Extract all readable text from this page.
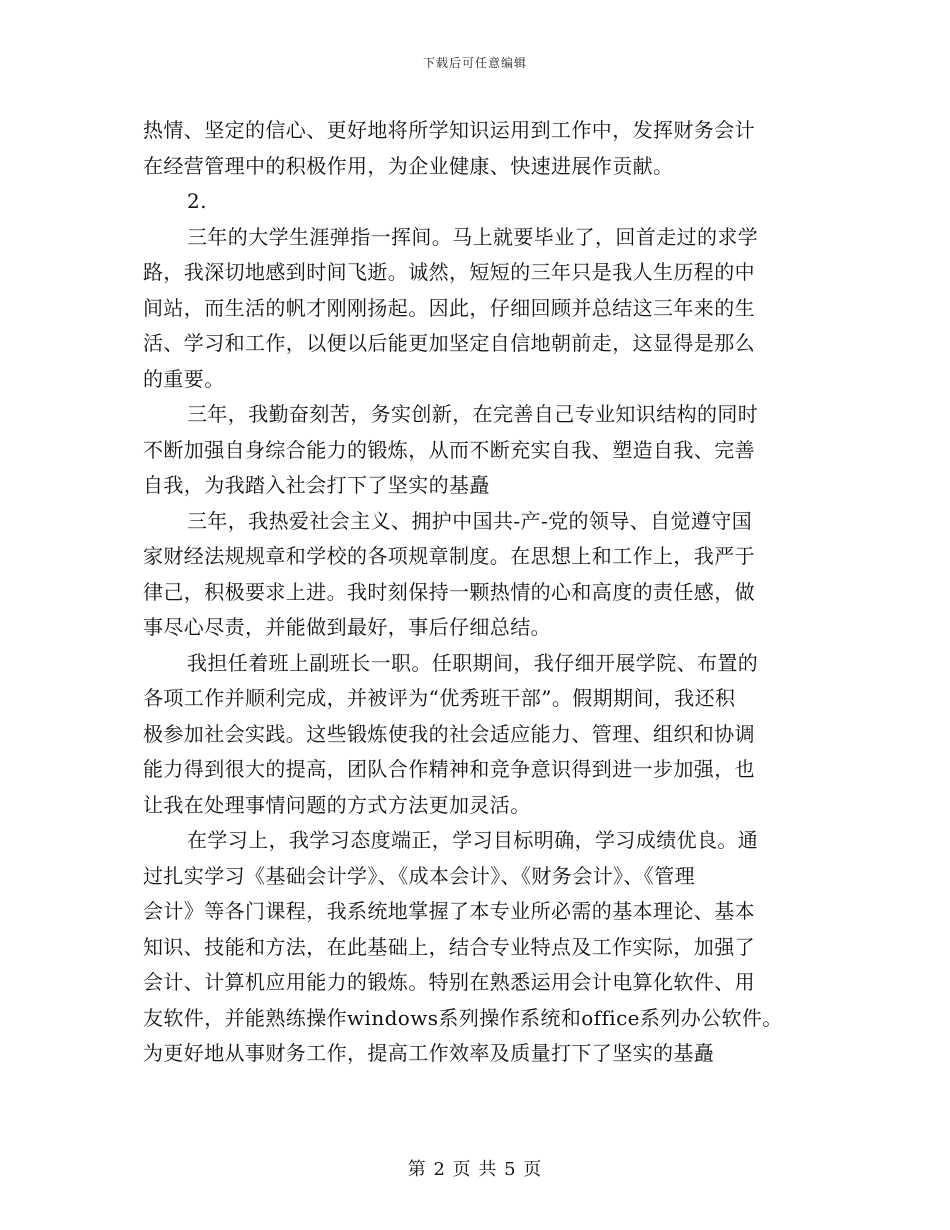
下载后可任意编辑
热情、坚定的信心、更好地将所学知识运用到工作中，发挥财务会计
在经营管理中的积极作用，为企业健康、快速进展作贡献。
2.
三年的大学生涯弹指一挥间。马上就要毕业了，回首走过的求学
路，我深切地感到时间飞逝。诚然，短短的三年只是我人生历程的中
间站，而生活的帆才刚刚扬起。因此，仔细回顾并总结这三年来的生
活、学习和工作，以便以后能更加坚定自信地朝前走，这显得是那么
的重要。
三年，我勤奋刻苦，务实创新，在完善自己专业知识结构的同时
不断加强自身综合能力的锻炼，从而不断充实自我、塑造自我、完善
自我，为我踏入社会打下了坚实的基矗
三年，我热爱社会主义、拥护中国共-产-党的领导、自觉遵守国
家财经法规规章和学校的各项规章制度。在思想上和工作上，我严于
律己，积极要求上进。我时刻保持一颗热情的心和高度的责任感，做
事尽心尽责，并能做到最好，事后仔细总结。
我担任着班上副班长一职。任职期间，我仔细开展学院、布置的
各项工作并顺利完成，并被评为“优秀班干部”。假期期间，我还积
极参加社会实践。这些锻炼使我的社会适应能力、管理、组织和协调
能力得到很大的提高，团队合作精神和竞争意识得到进一步加强，也
让我在处理事情问题的方式方法更加灵活。
在学习上，我学习态度端正，学习目标明确，学习成绩优良。通
过扎实学习《基础会计学》、《成本会计》、《财务会计》、《管理
会计》等各门课程，我系统地掌握了本专业所必需的基本理论、基本
知识、技能和方法，在此基础上，结合专业特点及工作实际，加强了
会计、计算机应用能力的锻炼。特别在熟悉运用会计电算化软件、用
友软件，并能熟练操作windows系列操作系统和office系列办公软件。
为更好地从事财务工作，提高工作效率及质量打下了坚实的基矗
第 2 页 共 5 页
